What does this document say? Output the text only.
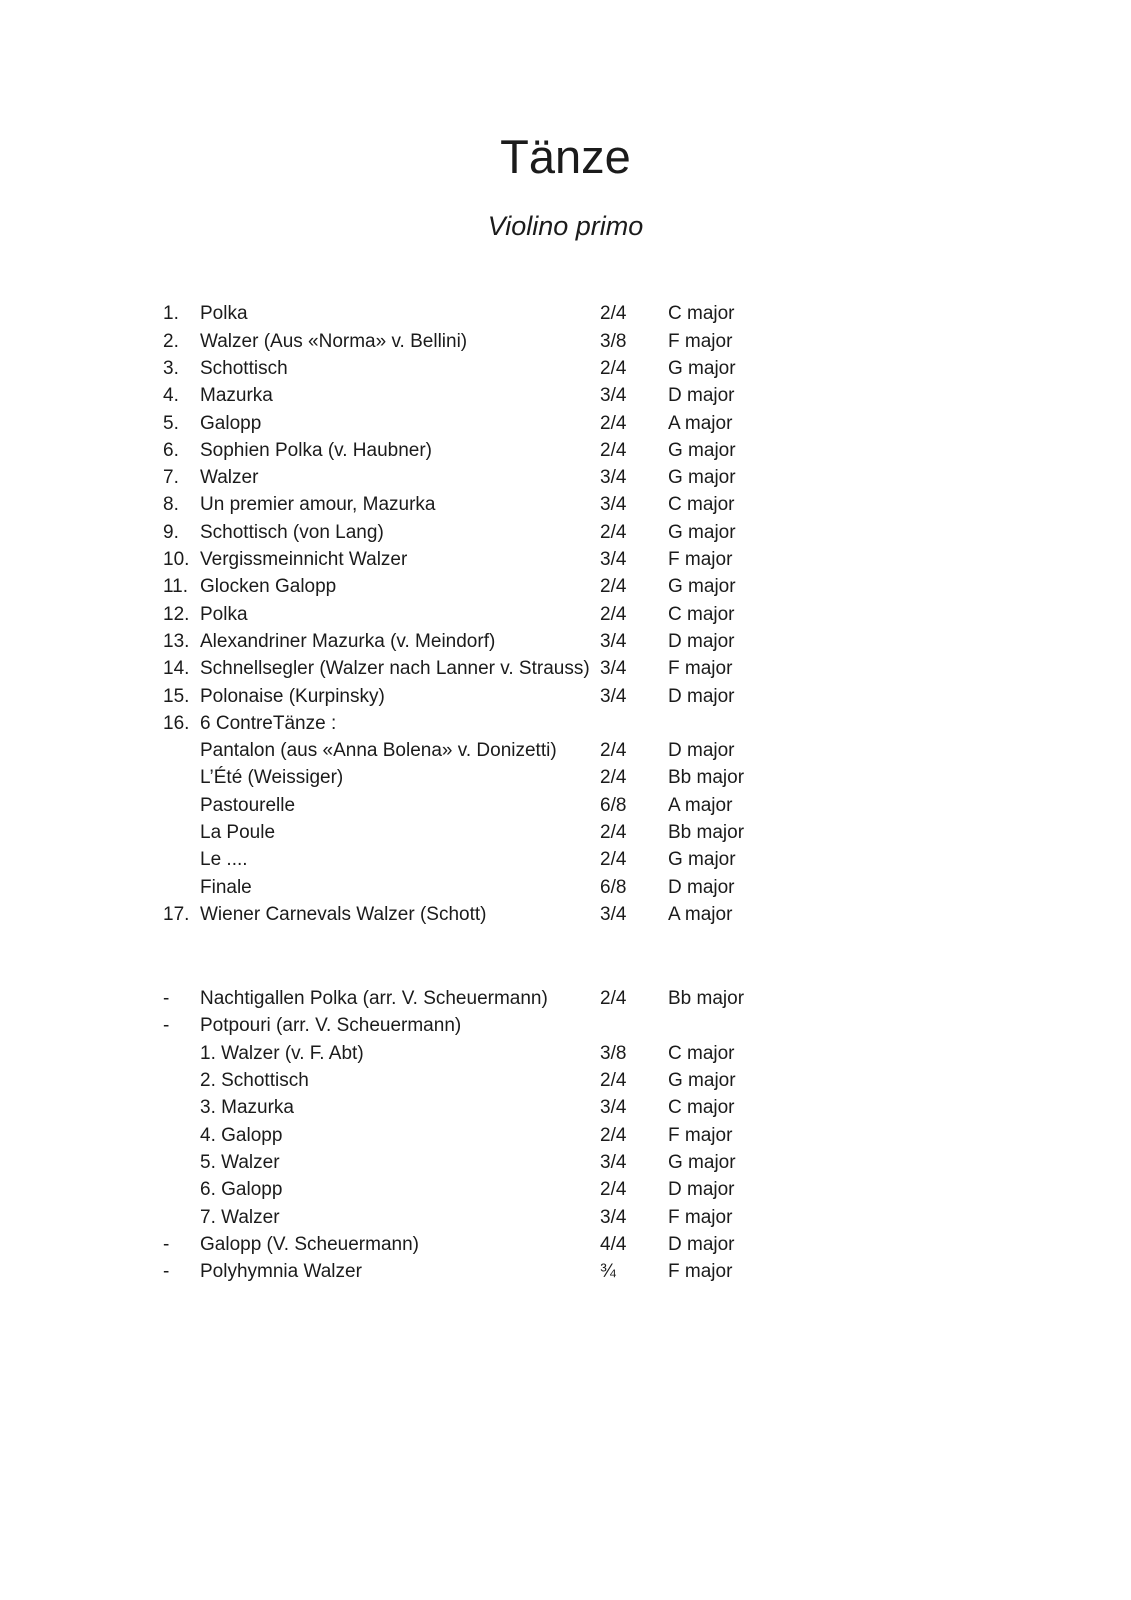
Tänze
Violino primo
1.	Polka	2/4	C major
2.	Walzer (Aus «Norma» v. Bellini)	3/8	F major
3.	Schottisch	2/4	G major
4.	Mazurka	3/4	D major
5.	Galopp	2/4	A major
6.	Sophien Polka (v. Haubner)	2/4	G major
7.	Walzer	3/4	G major
8.	Un premier amour, Mazurka	3/4	C major
9.	Schottisch (von Lang)	2/4	G major
10. Vergissmeinnicht Walzer	3/4	F major
11. Glocken Galopp	2/4	G major
12. Polka	2/4	C major
13. Alexandriner Mazurka (v. Meindorf)	3/4	D major
14. Schnellsegler (Walzer nach Lanner v. Strauss) 3/4	F major
15. Polonaise (Kurpinsky)	3/4	D major
16. 6 ContreTänze :
Pantalon (aus «Anna Bolena» v. Donizetti)	2/4	D major
L’Été (Weissiger)	2/4	Bb major
Pastourelle	6/8	A major
La Poule	2/4	Bb major
Le ....	2/4	G major
Finale	6/8	D major
17. Wiener Carnevals Walzer (Schott)	3/4	A major
-	Nachtigallen Polka (arr. V. Scheuermann)	2/4	Bb major
-	Potpouri (arr. V. Scheuermann)
1. Walzer (v. F. Abt)	3/8	C major
2. Schottisch	2/4	G major
3. Mazurka	3/4	C major
4. Galopp	2/4	F major
5. Walzer	3/4	G major
6. Galopp	2/4	D major
7. Walzer	3/4	F major
-	Galopp (V. Scheuermann)	4/4	D major
-	Polyhymnia Walzer	¾	F major
